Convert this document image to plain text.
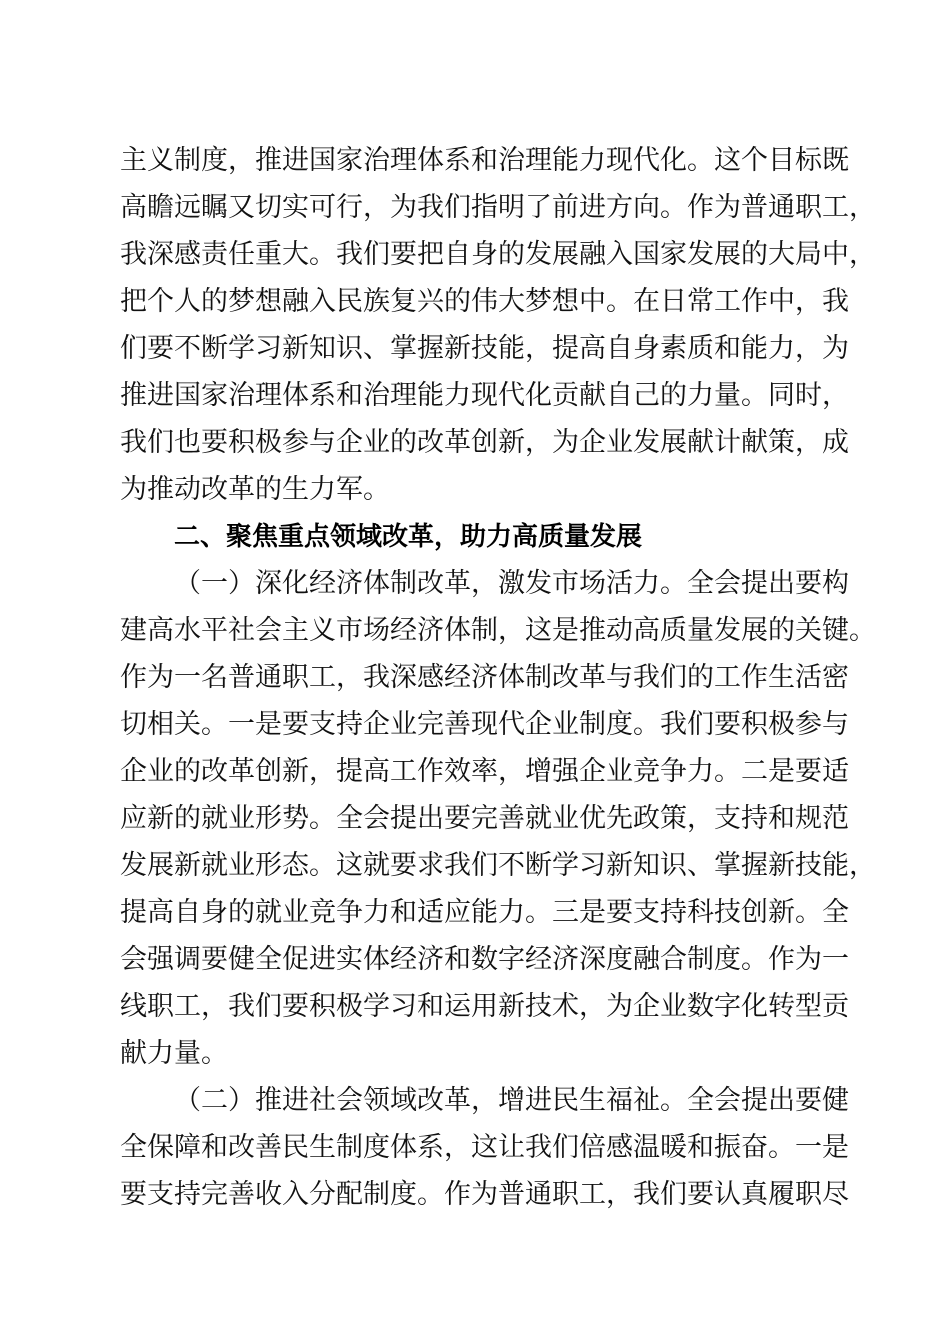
主义制度，推进国家治理体系和治理能力现代化。这个目标既
高瞻远瞩又切实可行，为我们指明了前进方向。作为普通职工，
我深感责任重大。我们要把自身的发展融入国家发展的大局中，
把个人的梦想融入民族复兴的伟大梦想中。在日常工作中，我
们要不断学习新知识、掌握新技能，提高自身素质和能力，为
推进国家治理体系和治理能力现代化贡献自己的力量。同时，
我们也要积极参与企业的改革创新，为企业发展献计献策，成
为推动改革的生力军。
二、聚焦重点领域改革，助力高质量发展
（一）深化经济体制改革，激发市场活力。全会提出要构
建高水平社会主义市场经济体制，这是推动高质量发展的关键。
作为一名普通职工，我深感经济体制改革与我们的工作生活密
切相关。一是要支持企业完善现代企业制度。我们要积极参与
企业的改革创新，提高工作效率，增强企业竞争力。二是要适
应新的就业形势。全会提出要完善就业优先政策，支持和规范
发展新就业形态。这就要求我们不断学习新知识、掌握新技能，
提高自身的就业竞争力和适应能力。三是要支持科技创新。全
会强调要健全促进实体经济和数字经济深度融合制度。作为一
线职工，我们要积极学习和运用新技术，为企业数字化转型贡
献力量。
（二）推进社会领域改革，增进民生福祉。全会提出要健
全保障和改善民生制度体系，这让我们倍感温暖和振奋。一是
要支持完善收入分配制度。作为普通职工，我们要认真履职尽
